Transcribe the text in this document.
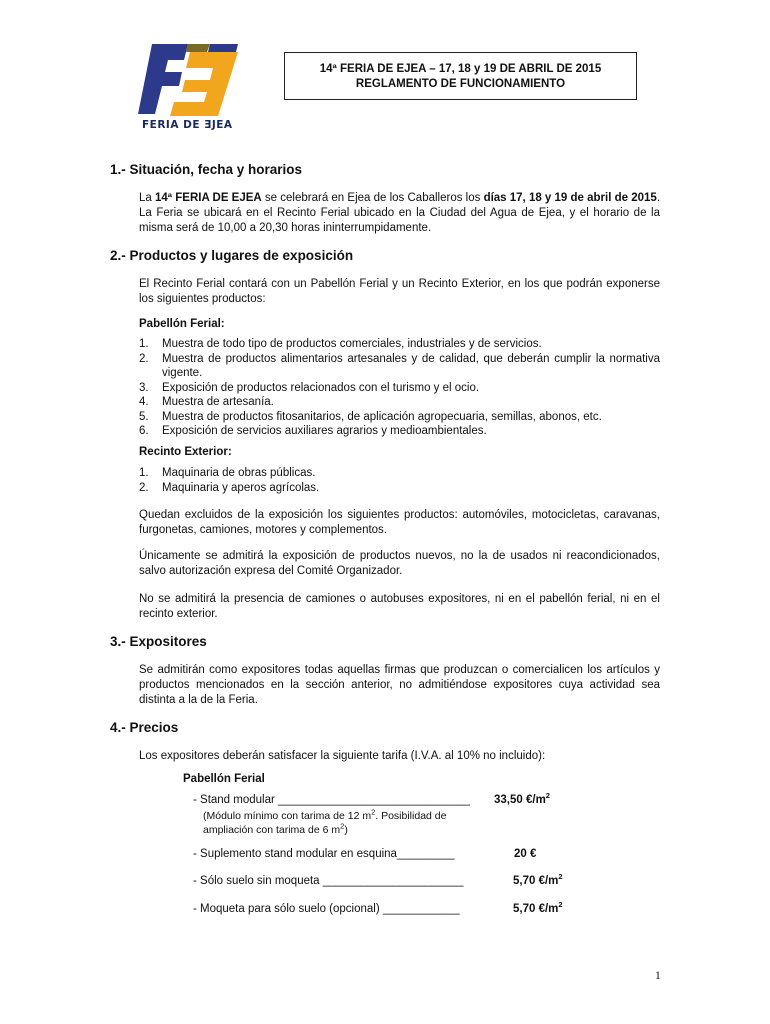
FERIA DE ƎJEA
14ª FERIA DE EJEA – 17, 18 y 19 DE ABRIL DE 2015
REGLAMENTO DE FUNCIONAMIENTO
1.- Situación, fecha y horarios
La 14ª FERIA DE EJEA se celebrará en Ejea de los Caballeros los días 17, 18 y 19 de abril de 2015. La Feria se ubicará en el Recinto Ferial ubicado en la Ciudad del Agua de Ejea, y el horario de la misma será de 10,00 a 20,30 horas ininterrumpidamente.
2.- Productos y lugares de exposición
El Recinto Ferial contará con un Pabellón Ferial y un Recinto Exterior, en los que podrán exponerse los siguientes productos:
Pabellón Ferial:
1. Muestra de todo tipo de productos comerciales, industriales y de servicios.
2. Muestra de productos alimentarios artesanales y de calidad, que deberán cumplir la normativa vigente.
3. Exposición de productos relacionados con el turismo y el ocio.
4. Muestra de artesanía.
5. Muestra de productos fitosanitarios, de aplicación agropecuaria, semillas, abonos, etc.
6. Exposición de servicios auxiliares agrarios y medioambientales.
Recinto Exterior:
1. Maquinaria de obras públicas.
2. Maquinaria y aperos agrícolas.
Quedan excluidos de la exposición los siguientes productos: automóviles, motocicletas, caravanas, furgonetas, camiones, motores y complementos.
Únicamente se admitirá la exposición de productos nuevos, no la de usados ni reacondicionados, salvo autorización expresa del Comité Organizador.
No se admitirá la presencia de camiones o autobuses expositores, ni en el pabellón ferial, ni en el recinto exterior.
3.- Expositores
Se admitirán como expositores todas aquellas firmas que produzcan o comercialicen los artículos y productos mencionados en la sección anterior, no admitiéndose expositores cuya actividad sea distinta a la de la Feria.
4.- Precios
Los expositores deberán satisfacer la siguiente tarifa (I.V.A. al 10% no incluido):
Pabellón Ferial
- Stand modular ______________________________ 33,50 $€/m^2$
(Módulo mínimo con tarima de 12 $m^2$. Posibilidad de
ampliación con tarima de 6 $m^2$)
- Suplemento stand modular en esquina_________	20 €
- Sólo suelo sin moqueta ______________________	5,70 $€/m^2$
- Moqueta para sólo suelo (opcional) ____________	5,70 $€/m^2$
1
